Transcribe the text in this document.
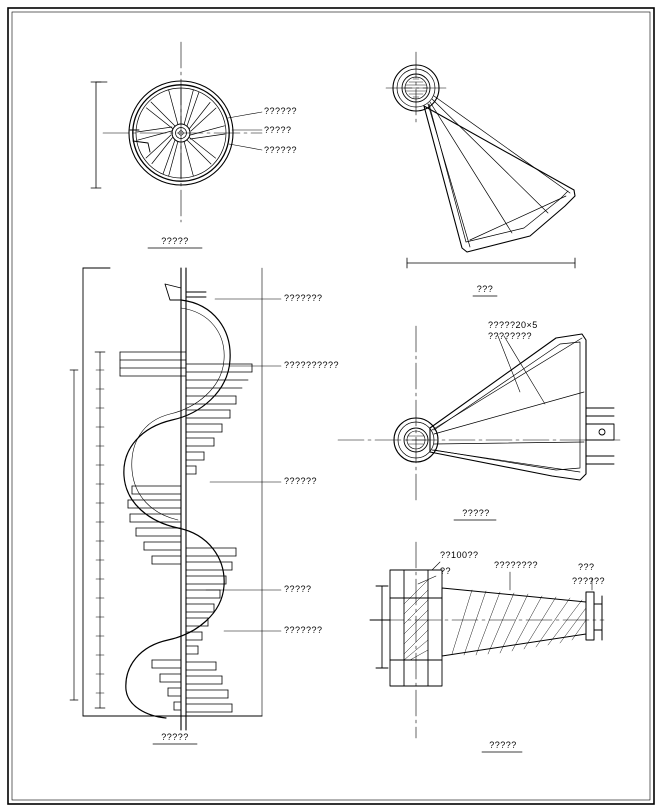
??????
?????
??????
?????
???
???????
??????????
??????
?????
???????
?????
?????20×5
????????
?????
??100??
??
????????	???
??????
?????
